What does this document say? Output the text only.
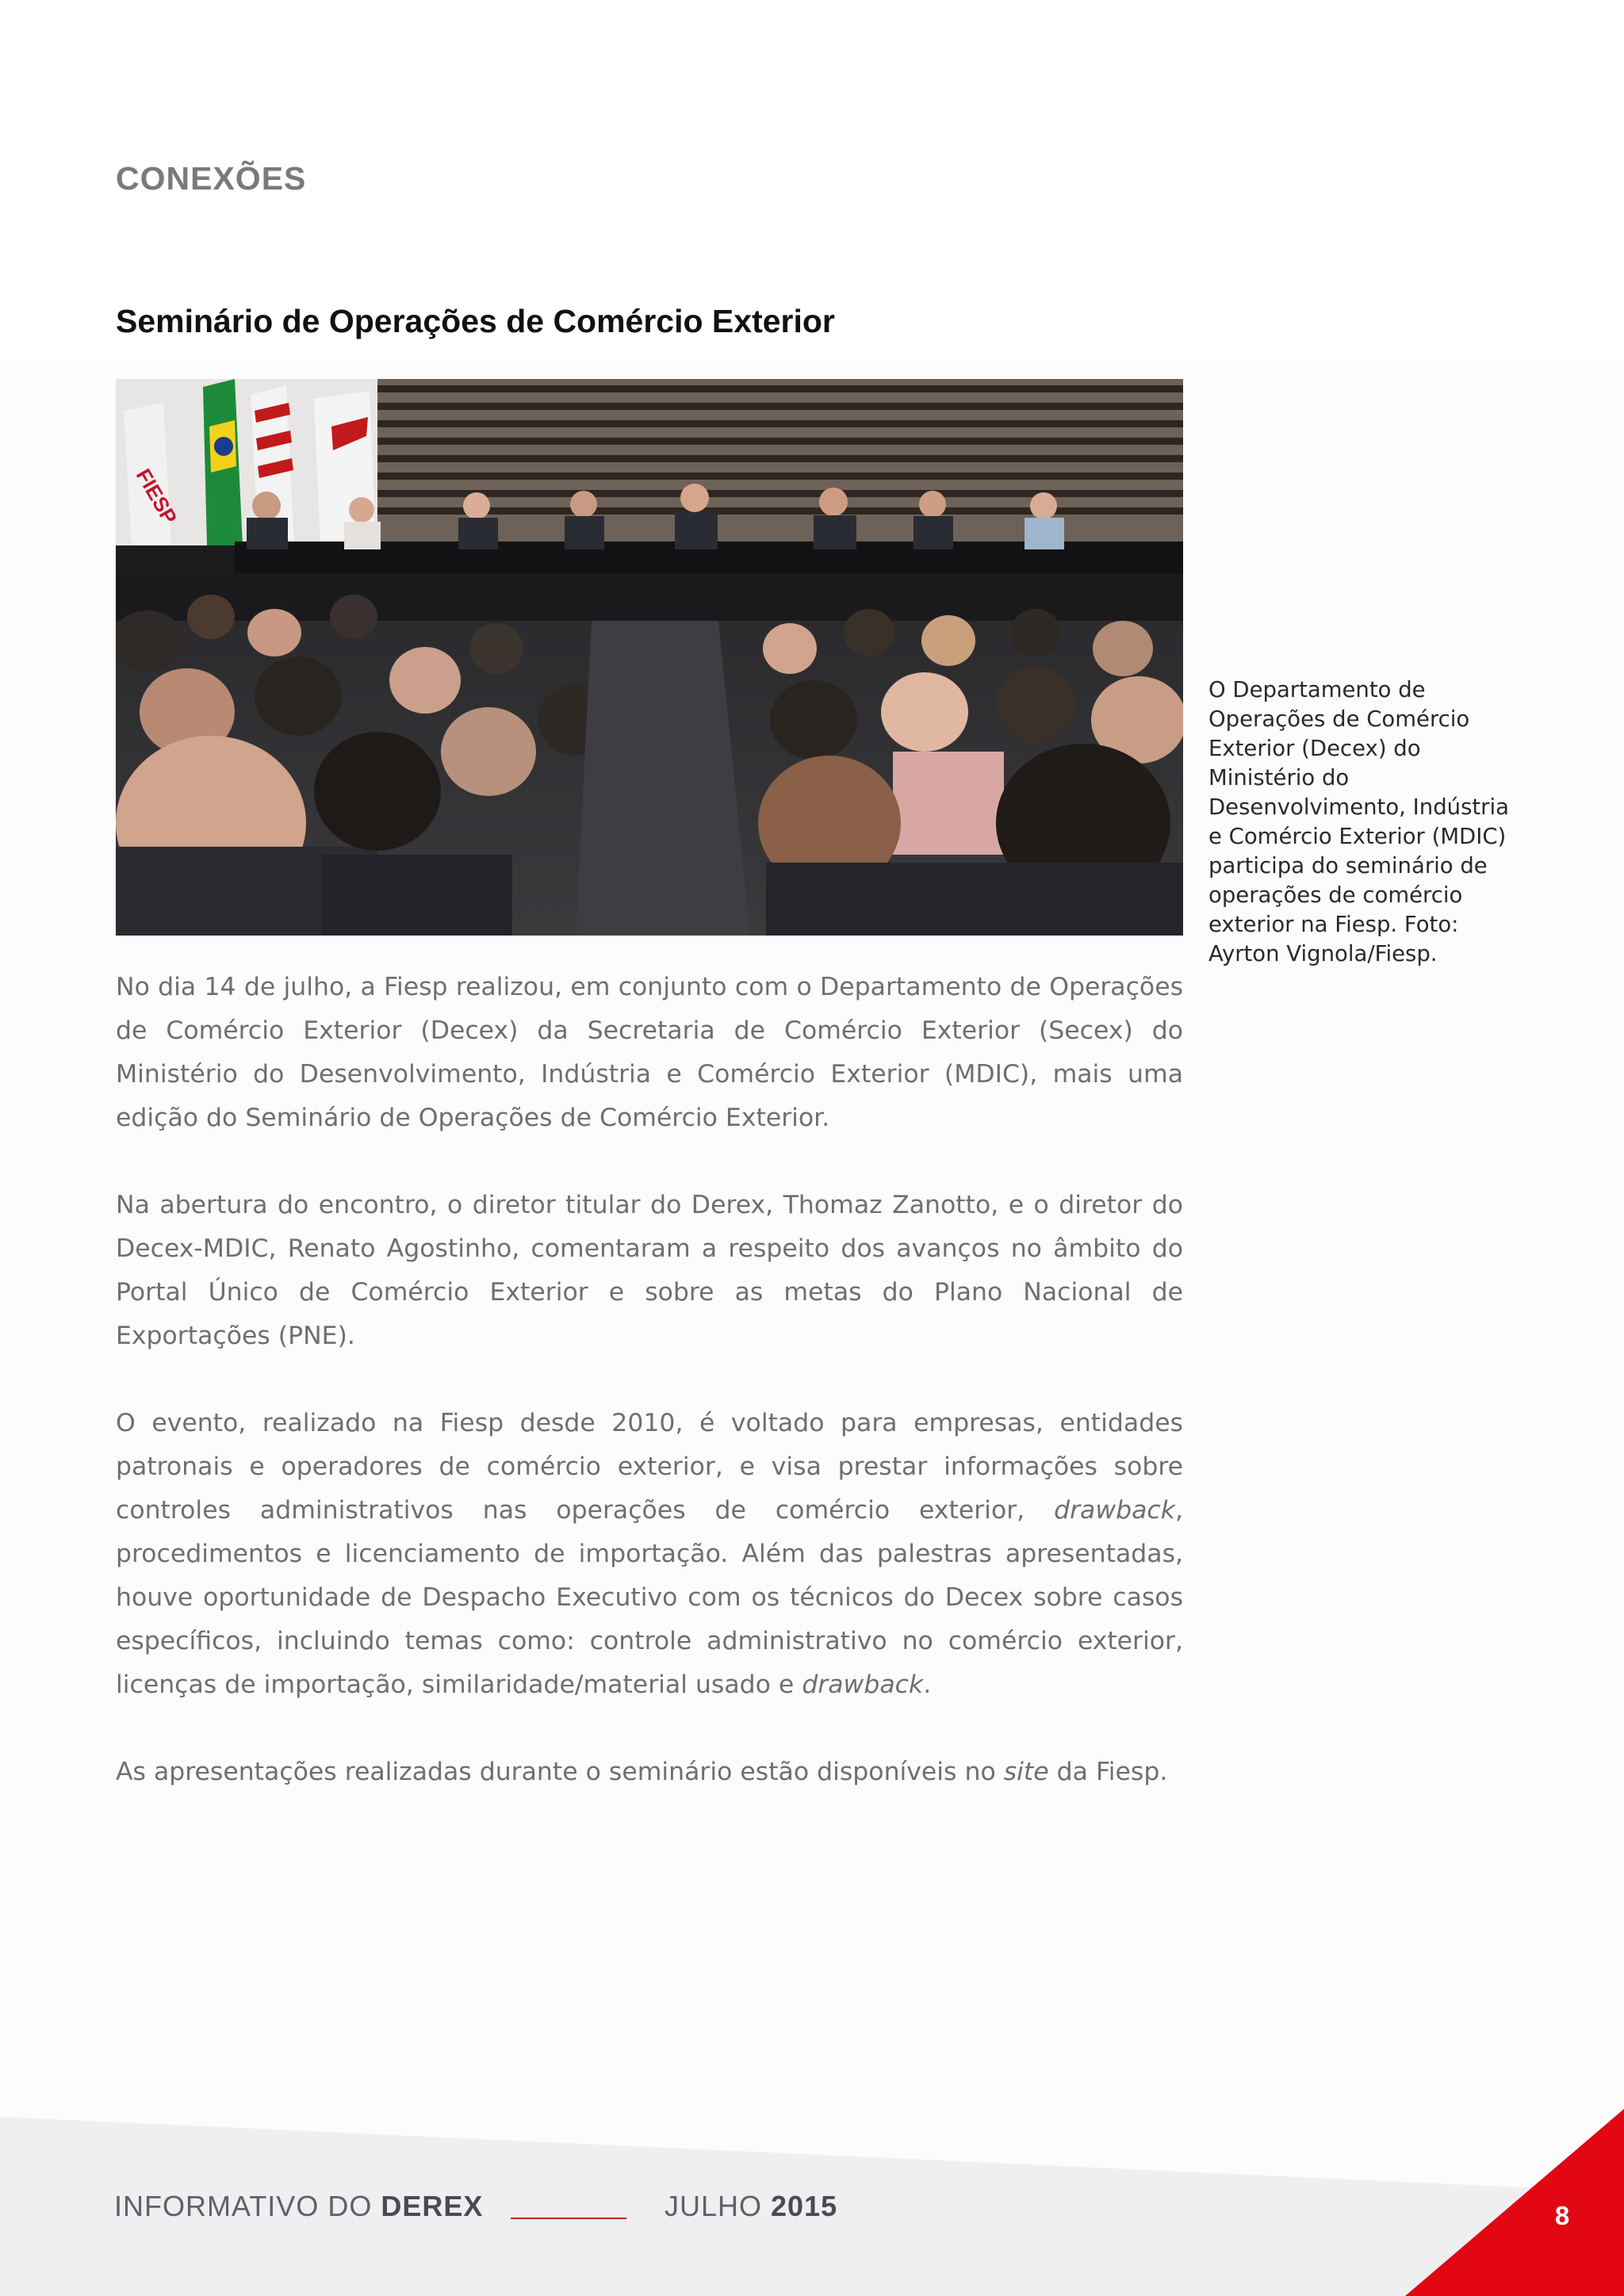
CONEXÕES
Seminário de Operações de Comércio Exterior
FIESP
O Departamento de Operações de Comércio Exterior (Decex) do Ministério do Desenvolvimento, Indústria e Comércio Exterior (MDIC) participa do seminário de operações de comércio exterior na Fiesp. Foto: Ayrton Vignola/Fiesp.

No dia 14 de julho, a Fiesp realizou, em conjunto com o Departamento de Operações de Comércio Exterior (Decex) da Secretaria de Comércio Exterior (Secex) do Ministério do Desenvolvimento, Indústria e Comércio Exterior (MDIC), mais uma edição do Seminário de Operações de Comércio Exterior.

Na abertura do encontro, o diretor titular do Derex, Thomaz Zanotto, e o diretor do Decex-MDIC, Renato Agostinho, comentaram a respeito dos avanços no âmbito do Portal Único de Comércio Exterior e sobre as metas do Plano Nacional de Exportações (PNE).

O evento, realizado na Fiesp desde 2010, é voltado para empresas, entidades patronais e operadores de comércio exterior, e visa prestar informações sobre controles administrativos nas operações de comércio exterior, drawback, procedimentos e licenciamento de importação. Além das palestras apresentadas, houve oportunidade de Despacho Executivo com os técnicos do Decex sobre casos específicos, incluindo temas como: controle administrativo no comércio exterior, licenças de importação, similaridade/material usado e drawback.

As apresentações realizadas durante o seminário estão disponíveis no site da Fiesp.

INFORMATIVO DO DEREX	JULHO 2015	8
